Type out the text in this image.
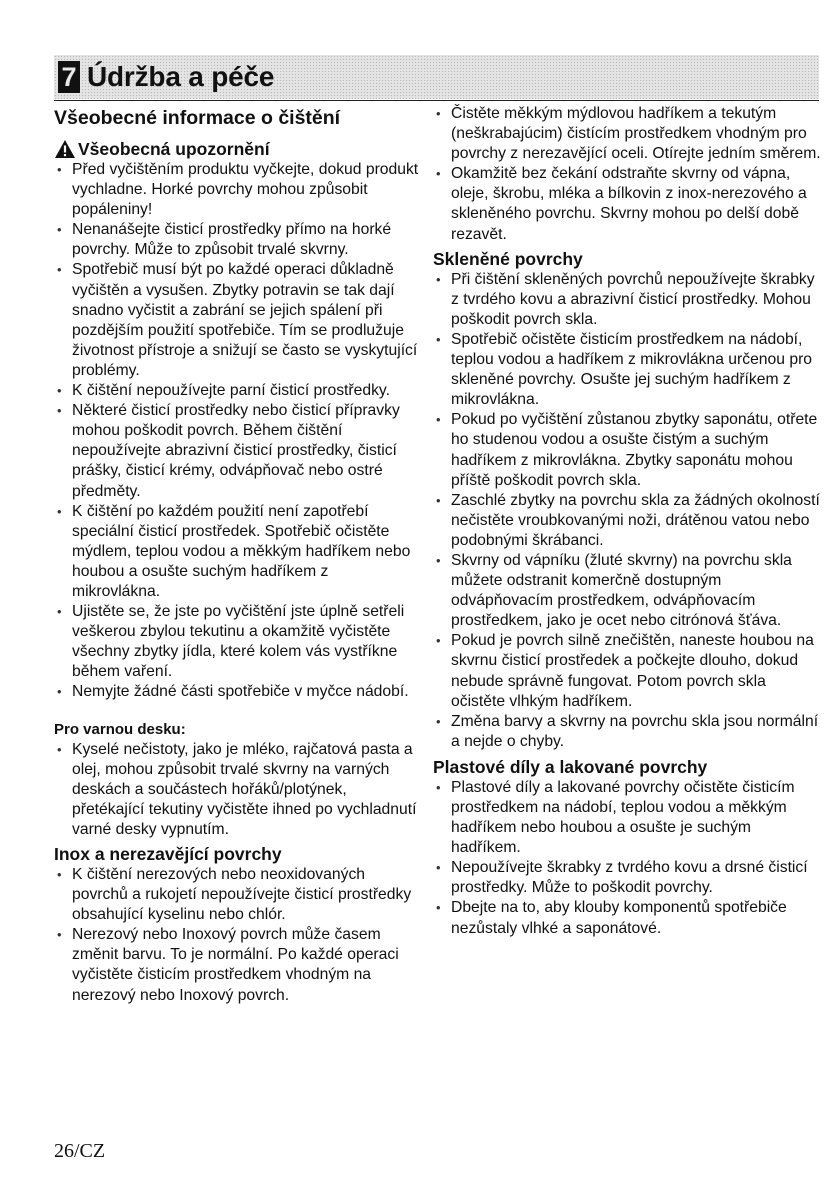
7 Údržba a péče
Všeobecné informace o čištění
Všeobecná upozornění
• Před vyčištěním produktu vyčkejte, dokud produkt vychladne. Horké povrchy mohou způsobit popáleniny!
• Nenanášejte čisticí prostředky přímo na horké povrchy. Může to způsobit trvalé skvrny.
• Spotřebič musí být po každé operaci důkladně vyčištěn a vysušen. Zbytky potravin se tak dají snadno vyčistit a zabrání se jejich spálení při pozdějším použití spotřebiče. Tím se prodlužuje životnost přístroje a snižují se často se vyskytující problémy.
• K čištění nepoužívejte parní čisticí prostředky.
• Některé čisticí prostředky nebo čisticí přípravky mohou poškodit povrch. Během čištění nepoužívejte abrazivní čisticí prostředky, čisticí prášky, čisticí krémy, odvápňovač nebo ostré předměty.
• K čištění po každém použití není zapotřebí speciální čisticí prostředek. Spotřebič očistěte mýdlem, teplou vodou a měkkým hadříkem nebo houbou a osušte suchým hadříkem z mikrovlákna.
• Ujistěte se, že jste po vyčištění jste úplně setřeli veškerou zbylou tekutinu a okamžitě vyčistěte všechny zbytky jídla, které kolem vás vystříkne během vaření.
• Nemyjte žádné části spotřebiče v myčce nádobí.
Pro varnou desku:
• Kyselé nečistoty, jako je mléko, rajčatová pasta a olej, mohou způsobit trvalé skvrny na varných deskách a součástech hořáků/plotýnek, přetékající tekutiny vyčistěte ihned po vychladnutí varné desky vypnutím.
Inox a nerezavějící povrchy
• K čištění nerezových nebo neoxidovaných povrchů a rukojetí nepoužívejte čisticí prostředky obsahující kyselinu nebo chlór.
• Nerezový nebo Inoxový povrch může časem změnit barvu. To je normální. Po každé operaci vyčistěte čisticím prostředkem vhodným na nerezový nebo Inoxový povrch.
• Čistěte měkkým mýdlovou hadříkem a tekutým (neškrabajúcim) čistícím prostředkem vhodným pro povrchy z nerezavějící oceli. Otírejte jedním směrem.
• Okamžitě bez čekání odstraňte skvrny od vápna, oleje, škrobu, mléka a bílkovin z inox-nerezového a skleněného povrchu. Skvrny mohou po delší době rezavět.
Skleněné povrchy
• Při čištění skleněných povrchů nepoužívejte škrabky z tvrdého kovu a abrazivní čisticí prostředky. Mohou poškodit povrch skla.
• Spotřebič očistěte čisticím prostředkem na nádobí, teplou vodou a hadříkem z mikrovlákna určenou pro skleněné povrchy. Osušte jej suchým hadříkem z mikrovlákna.
• Pokud po vyčištění zůstanou zbytky saponátu, otřete ho studenou vodou a osušte čistým a suchým hadříkem z mikrovlákna. Zbytky saponátu mohou příště poškodit povrch skla.
• Zaschlé zbytky na povrchu skla za žádných okolností nečistěte vroubkovanými noži, drátěnou vatou nebo podobnými škrábanci.
• Skvrny od vápníku (žluté skvrny) na povrchu skla můžete odstranit komerčně dostupným odvápňovacím prostředkem, odvápňovacím prostředkem, jako je ocet nebo citrónová šťáva.
• Pokud je povrch silně znečištěn, naneste houbou na skvrnu čisticí prostředek a počkejte dlouho, dokud nebude správně fungovat. Potom povrch skla očistěte vlhkým hadříkem.
• Změna barvy a skvrny na povrchu skla jsou normální a nejde o chyby.
Plastové díly a lakované povrchy
• Plastové díly a lakované povrchy očistěte čisticím prostředkem na nádobí, teplou vodou a měkkým hadříkem nebo houbou a osušte je suchým hadříkem.
• Nepoužívejte škrabky z tvrdého kovu a drsné čisticí prostředky. Může to poškodit povrchy.
• Dbejte na to, aby klouby komponentů spotřebiče nezůstaly vlhké a saponátové.
26/CZ
